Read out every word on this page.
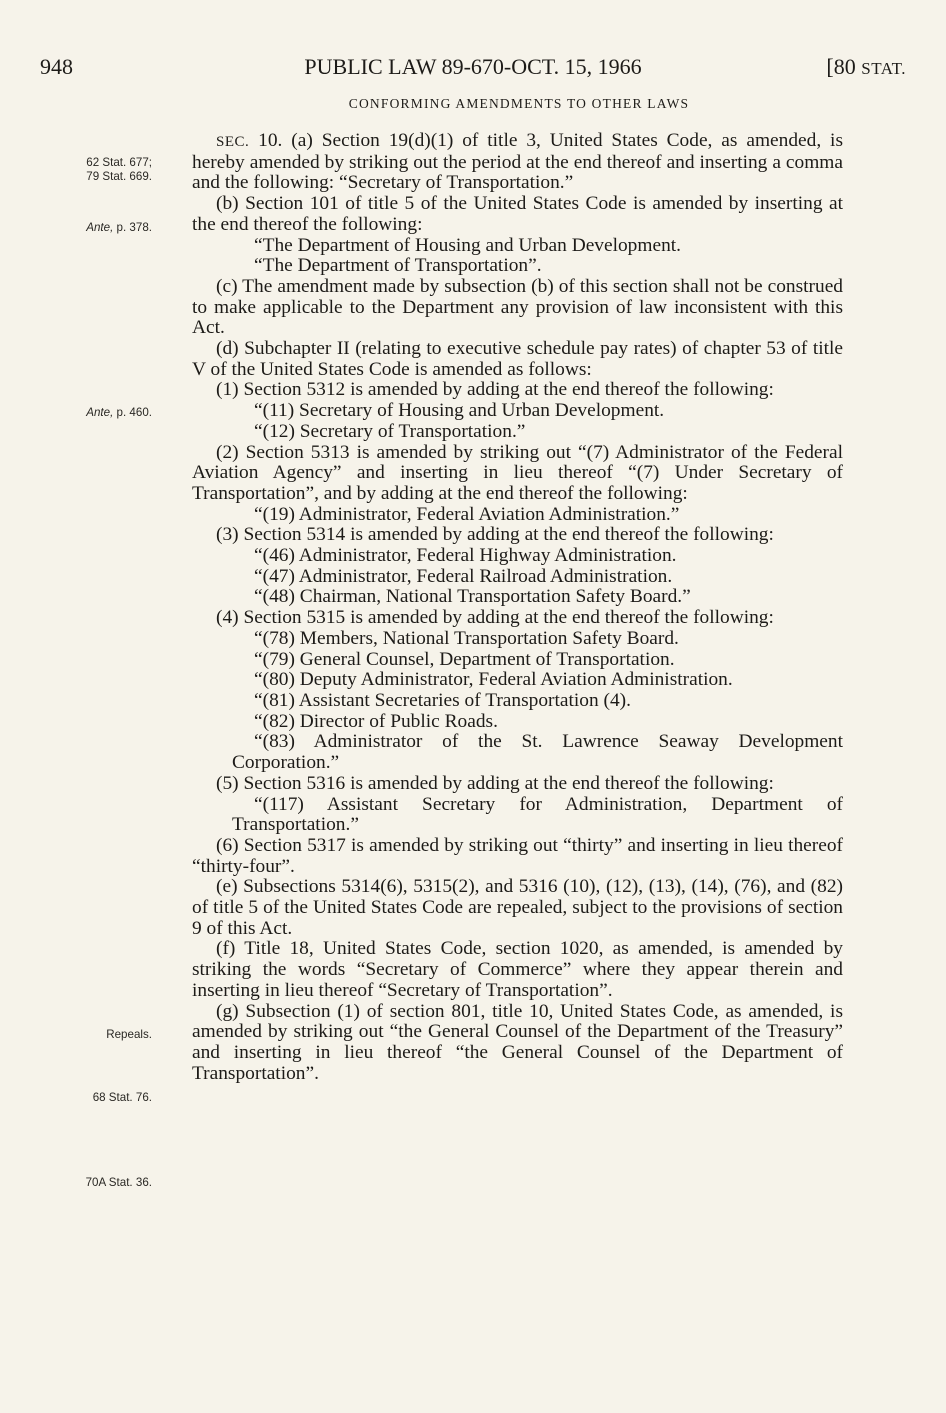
948	PUBLIC LAW 89-670-OCT. 15, 1966	[80 STAT.
CONFORMING AMENDMENTS TO OTHER LAWS
62 Stat. 677;
79 Stat. 669.
Ante, p. 378.
Ante, p. 460.
Repeals.
68 Stat. 76.
70A Stat. 36.

SEC. 10. (a) Section 19(d)(1) of title 3, United States Code, as amended, is hereby amended by striking out the period at the end thereof and inserting a comma and the following: “Secretary of Transportation.”

(b) Section 101 of title 5 of the United States Code is amended by inserting at the end thereof the following:

“The Department of Housing and Urban Development.

“The Department of Transportation”.

(c) The amendment made by subsection (b) of this section shall not be construed to make applicable to the Department any provision of law inconsistent with this Act.

(d) Subchapter II (relating to executive schedule pay rates) of chapter 53 of title V of the United States Code is amended as follows:

(1) Section 5312 is amended by adding at the end thereof the following:

“(11) Secretary of Housing and Urban Development.

“(12) Secretary of Transportation.”

(2) Section 5313 is amended by striking out “(7) Administrator of the Federal Aviation Agency” and inserting in lieu thereof “(7) Under Secretary of Transportation”, and by adding at the end thereof the following:

“(19) Administrator, Federal Aviation Administration.”

(3) Section 5314 is amended by adding at the end thereof the following:

“(46) Administrator, Federal Highway Administration.

“(47) Administrator, Federal Railroad Administration.

“(48) Chairman, National Transportation Safety Board.”

(4) Section 5315 is amended by adding at the end thereof the following:

“(78) Members, National Transportation Safety Board.

“(79) General Counsel, Department of Transportation.

“(80) Deputy Administrator, Federal Aviation Administration.

“(81) Assistant Secretaries of Transportation (4).

“(82) Director of Public Roads.

“(83) Administrator of the St. Lawrence Seaway Development Corporation.”

(5) Section 5316 is amended by adding at the end thereof the following:

“(117) Assistant Secretary for Administration, Department of Transportation.”

(6) Section 5317 is amended by striking out “thirty” and inserting in lieu thereof “thirty-four”.

(e) Subsections 5314(6), 5315(2), and 5316 (10), (12), (13), (14), (76), and (82) of title 5 of the United States Code are repealed, subject to the provisions of section 9 of this Act.

(f) Title 18, United States Code, section 1020, as amended, is amended by striking the words “Secretary of Commerce” where they appear therein and inserting in lieu thereof “Secretary of Transportation”.

(g) Subsection (1) of section 801, title 10, United States Code, as amended, is amended by striking out “the General Counsel of the Department of the Treasury” and inserting in lieu thereof “the General Counsel of the Department of Transportation”.
